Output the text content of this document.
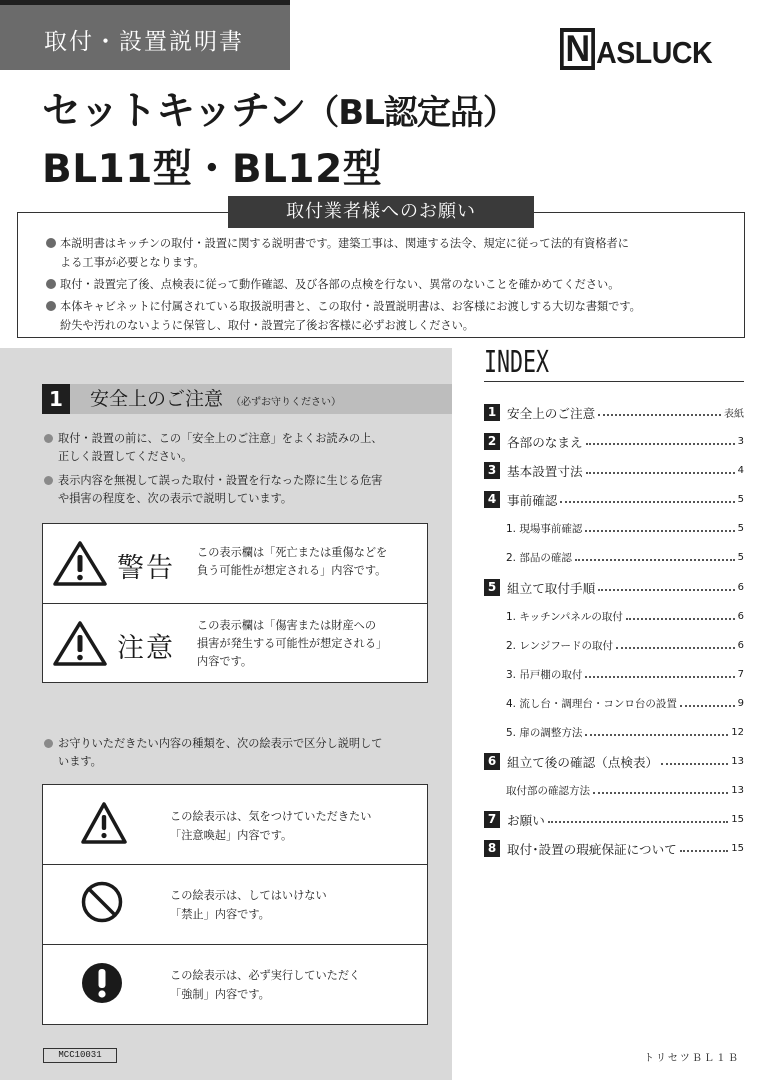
取付・設置説明書	N ASLUCK
セットキッチン（BL認定品）
BL11型・BL12型
本説明書はキッチンの取付・設置に関する説明書です。建築工事は、関連する法令、規定に従って法的有資格者に
よる工事が必要となります。
取付・設置完了後、点検表に従って動作確認、及び各部の点検を行ない、異常のないことを確かめてください。
本体キャビネットに付属されている取扱説明書と、この取付・設置説明書は、お客様にお渡しする大切な書類です。
紛失や汚れのないように保管し、取付・設置完了後お客様に必ずお渡しください。
取付業者様へのお願い
1	安全上のご注意 （必ずお守りください）
取付・設置の前に、この「安全上のご注意」をよくお読みの上、
正しく設置してください。
表示内容を無視して誤った取付・設置を行なった際に生じる危害
や損害の程度を、次の表示で説明しています。
警告
この表示欄は「死亡または重傷などを
負う可能性が想定される」内容です。
注意
この表示欄は「傷害または財産への
損害が発生する可能性が想定される」
内容です。
お守りいただきたい内容の種類を、次の絵表示で区分し説明して
います。
この絵表示は、気をつけていただきたい
「注意喚起」内容です。
この絵表示は、してはいけない
「禁止」内容です。
この絵表示は、必ず実行していただく
「強制」内容です。
MCC10031	トリセツＢＬ１Ｂ
INDEX
1 安全上のご注意	表紙
2 各部のなまえ	3
3 基本設置寸法	4
4 事前確認	5
1. 現場事前確認	5
2. 部品の確認	5
5 組立て取付手順	6
1. キッチンパネルの取付	6
2. レンジフードの取付	6
3. 吊戸棚の取付	7
4. 流し台・調理台・コンロ台の設置	9
5. 扉の調整方法	12
6 組立て後の確認（点検表）	13
取付部の確認方法	13
7 お願い	15
8 取付･設置の瑕疵保証について	15
